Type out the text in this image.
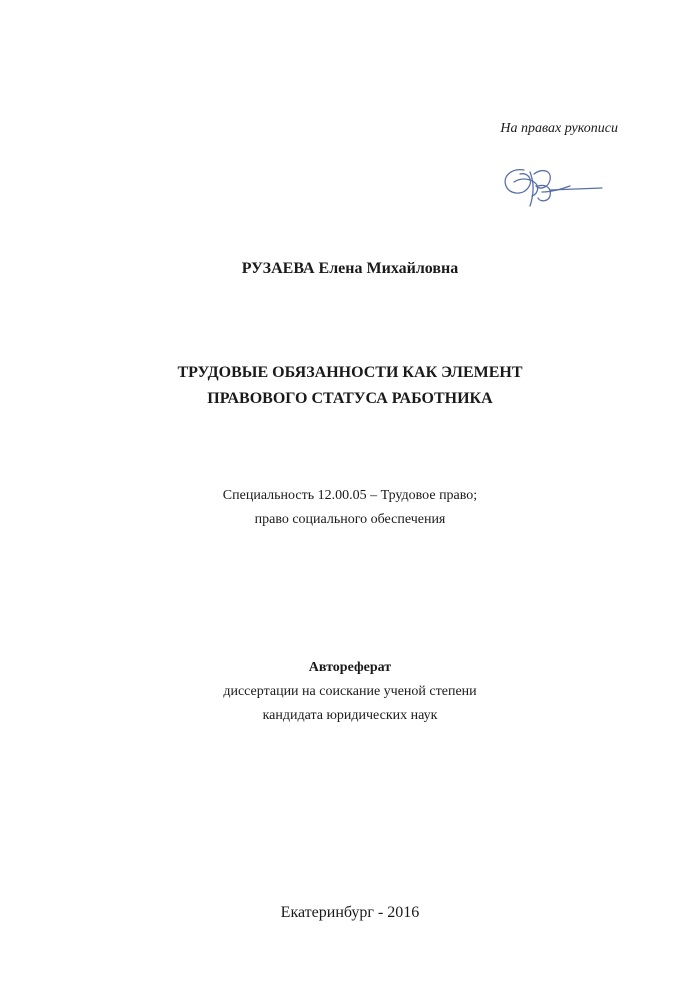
На правах рукописи
РУЗАЕВА Елена Михайловна
ТРУДОВЫЕ ОБЯЗАННОСТИ КАК ЭЛЕМЕНТ
ПРАВОВОГО СТАТУСА РАБОТНИКА
Специальность 12.00.05 – Трудовое право;
право социального обеспечения
Автореферат
диссертации на соискание ученой степени
кандидата юридических наук
Екатеринбург - 2016
